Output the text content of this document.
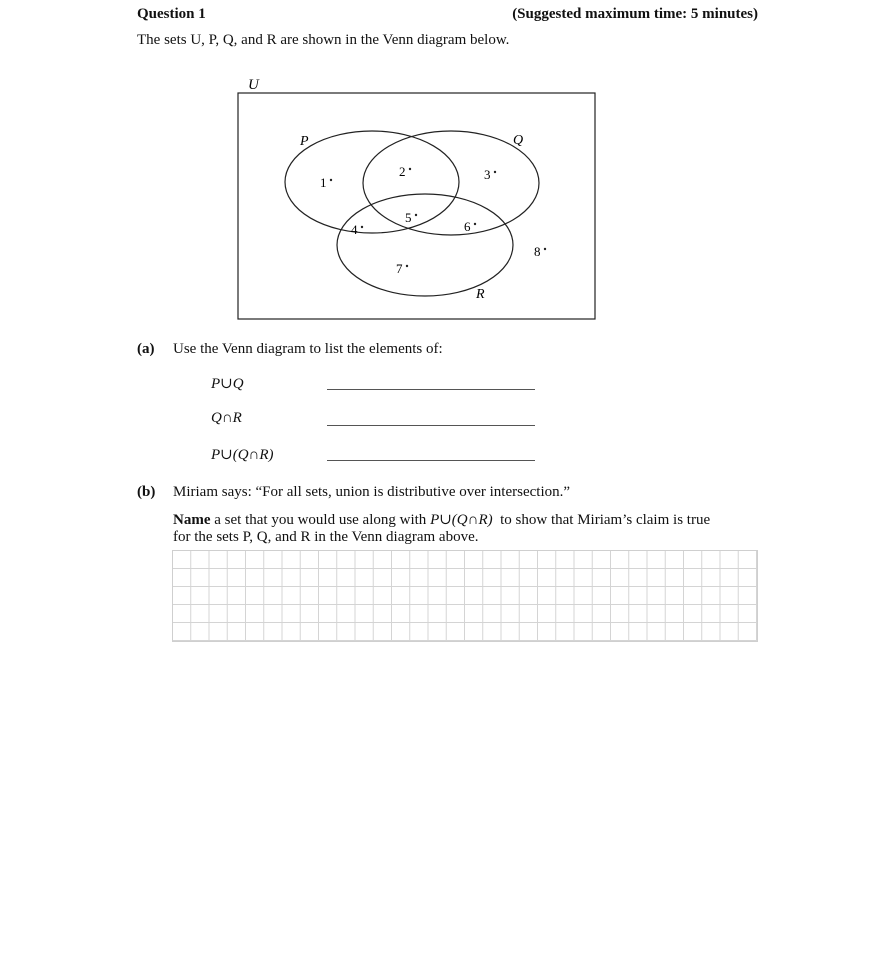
Question 1	(Suggested maximum time: 5 minutes)
The sets U, P, Q, and R are shown in the Venn diagram below.
U
P	Q
R
1
2	3
4
5
6
7
8
(a) Use the Venn diagram to list the elements of:
P∪Q
Q∩R
P∪(Q∩R)
(b) Miriam says: “For all sets, union is distributive over intersection.”
Name a set that you would use along with P∪(Q∩R)  to show that Miriam’s claim is true
for the sets P, Q, and R in the Venn diagram above.
